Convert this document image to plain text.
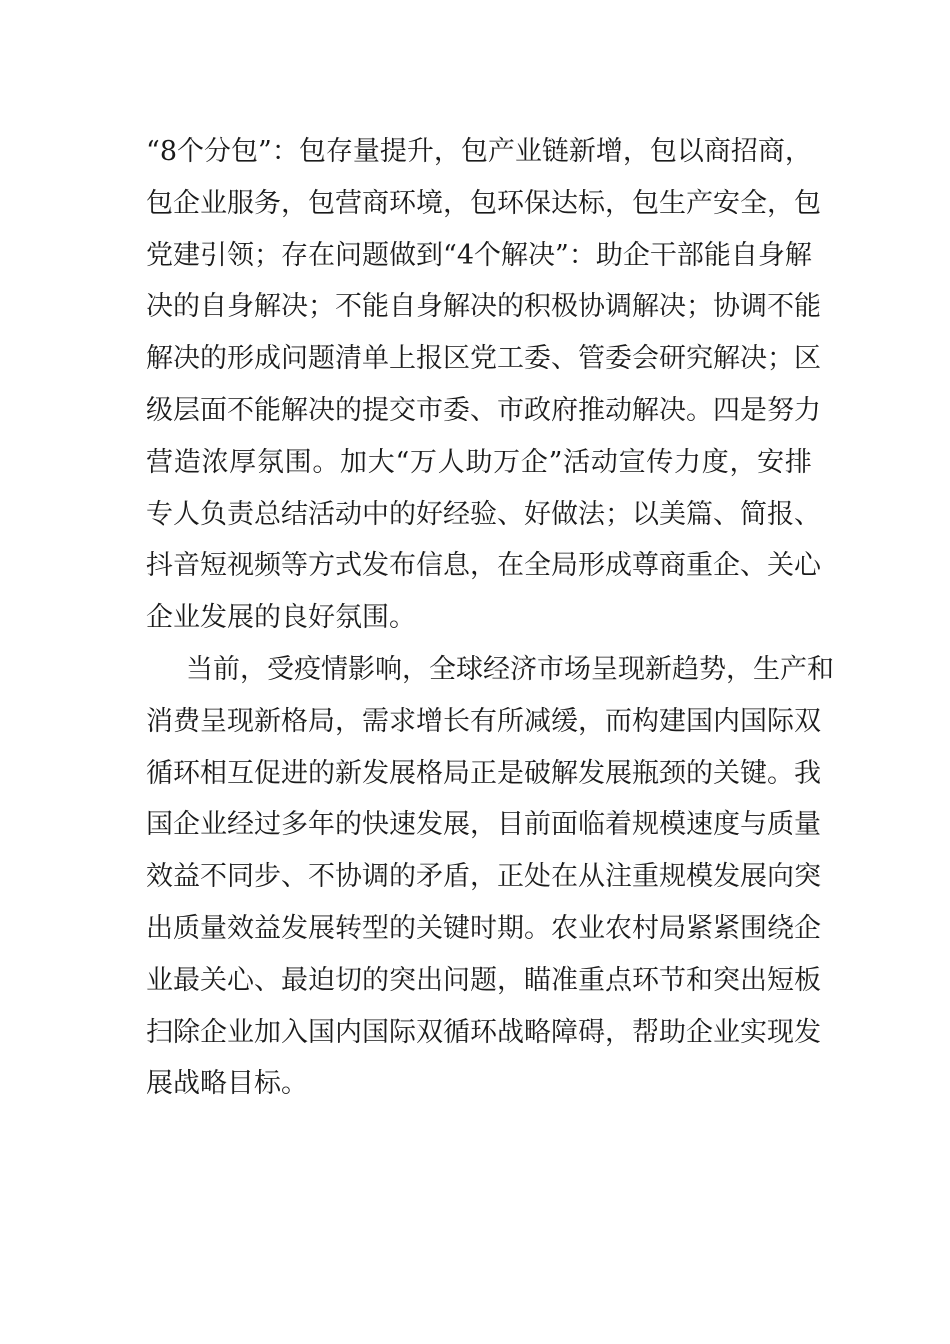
“ 8 个 分 包 ” ： 包 存 量 提 升 ， 包 产 业 链 新 增 ， 包 以 商 招 商 ，
包 企 业 服 务 ， 包 营 商 环 境 ， 包 环 保 达 标 ， 包 生 产 安 全 ， 包
党 建 引 领 ； 存 在 问 题 做 到 “ 4 个 解 决 ” ： 助 企 干 部 能 自 身 解
决 的 自 身 解 决 ； 不 能 自 身 解 决 的 积 极 协 调 解 决 ； 协 调 不 能
解 决 的 形 成 问 题 清 单 上 报 区 党 工 委 、 管 委 会 研 究 解 决 ； 区
级 层 面 不 能 解 决 的 提 交 市 委 、 市 政 府 推 动 解 决 。 四 是 努 力
营 造 浓 厚 氛 围 。 加 大 “ 万 人 助 万 企 ” 活 动 宣 传 力 度 ， 安 排
专 人 负 责 总 结 活 动 中 的 好 经 验 、 好 做 法 ； 以 美 篇 、 简 报 、
抖 音 短 视 频 等 方 式 发 布 信 息 ， 在 全 局 形 成 尊 商 重 企 、 关 心
企业发展的良好氛围。
当 前 ， 受 疫 情 影 响 ， 全 球 经 济 市 场 呈 现 新 趋 势 ， 生 产 和
消 费 呈 现 新 格 局 ， 需 求 增 长 有 所 减 缓 ， 而 构 建 国 内 国 际 双
循 环 相 互 促 进 的 新 发 展 格 局 正 是 破 解 发 展 瓶 颈 的 关 键 。 我
国 企 业 经 过 多 年 的 快 速 发 展 ， 目 前 面 临 着 规 模 速 度 与 质 量
效 益 不 同 步 、 不 协 调 的 矛 盾 ， 正 处 在 从 注 重 规 模 发 展 向 突
出 质 量 效 益 发 展 转 型 的 关 键 时 期 。 农 业 农 村 局 紧 紧 围 绕 企
业 最 关 心 、 最 迫 切 的 突 出 问 题 ， 瞄 准 重 点 环 节 和 突 出 短 板
扫 除 企 业 加 入 国 内 国 际 双 循 环 战 略 障 碍 ， 帮 助 企 业 实 现 发
展战略目标。
